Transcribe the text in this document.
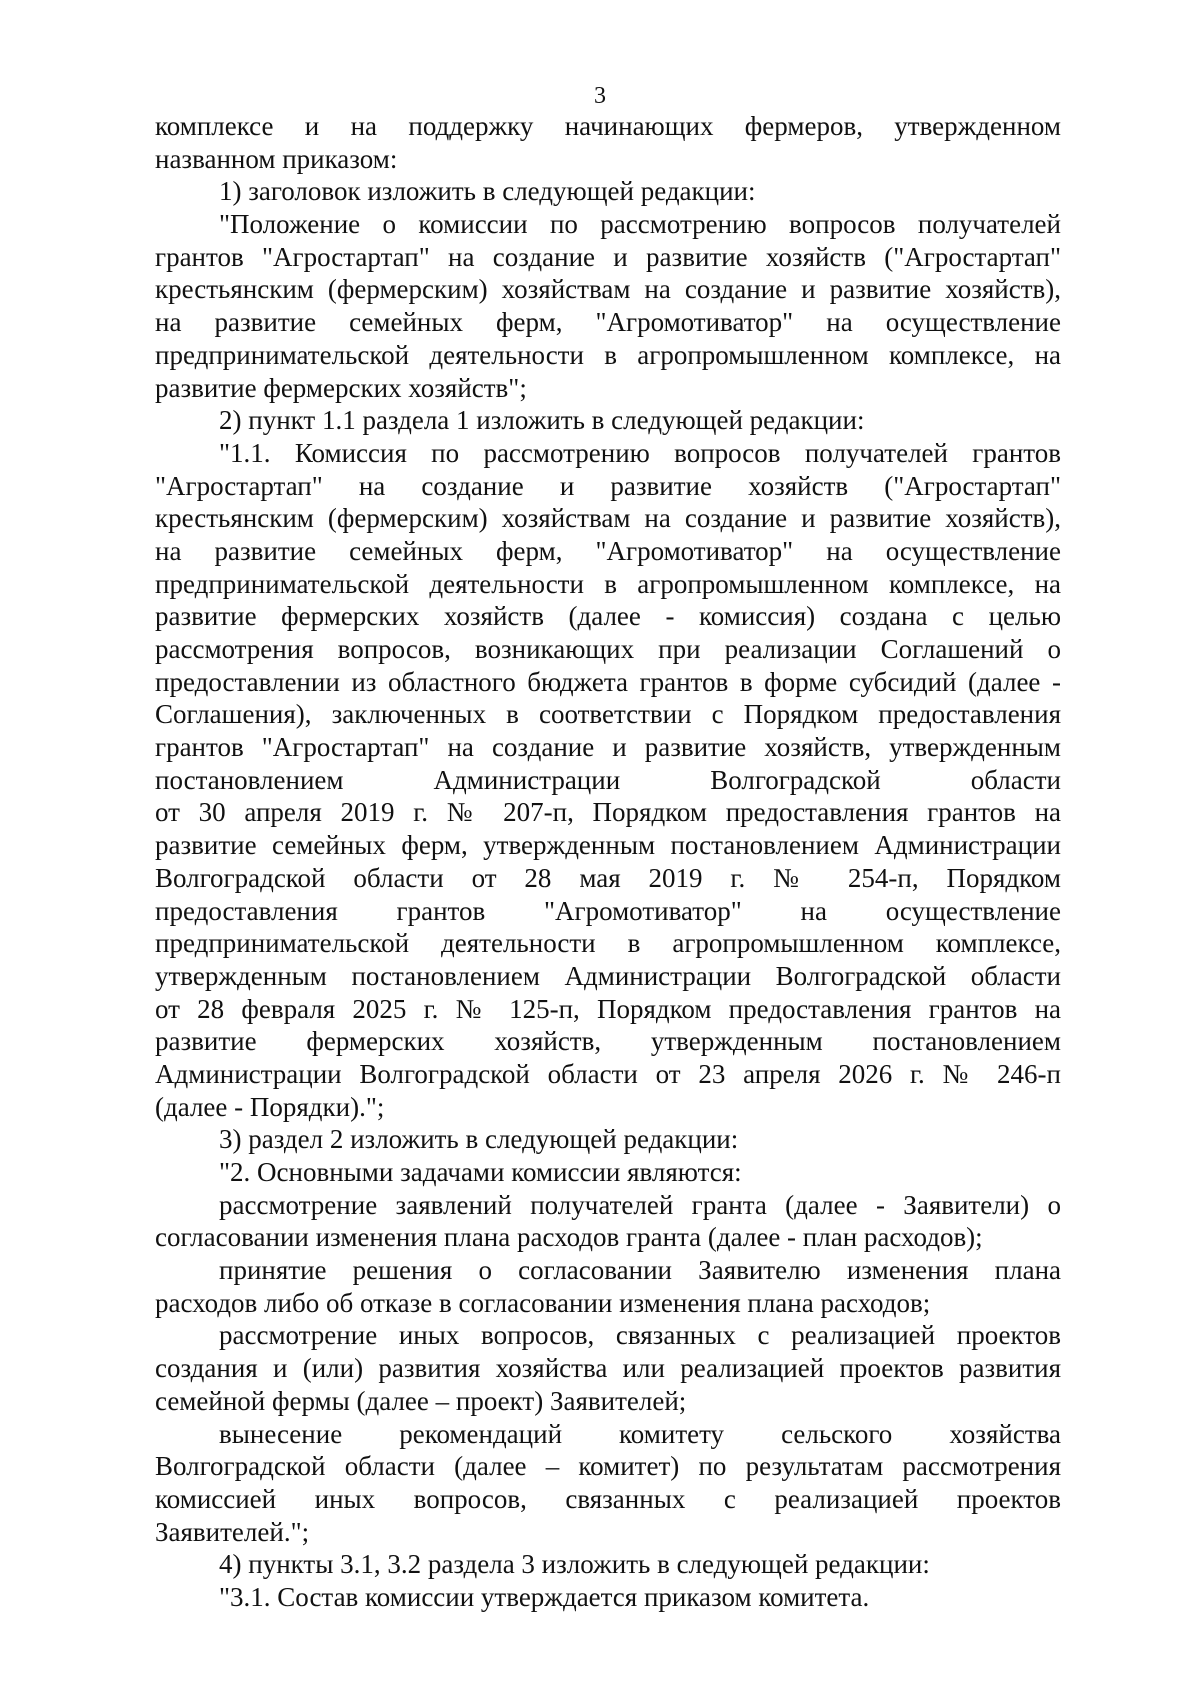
3
комплексе и на поддержку начинающих фермеров, утвержденном
названном приказом:
1) заголовок изложить в следующей редакции:
"Положение о комиссии по рассмотрению вопросов получателей
грантов "Агростартап" на создание и развитие хозяйств ("Агростартап"
крестьянским (фермерским) хозяйствам на создание и развитие хозяйств),
на развитие семейных ферм, "Агромотиватор" на осуществление
предпринимательской деятельности в агропромышленном комплексе, на
развитие фермерских хозяйств";
2) пункт 1.1 раздела 1 изложить в следующей редакции:
"1.1. Комиссия по рассмотрению вопросов получателей грантов
"Агростартап" на создание и развитие хозяйств ("Агростартап"
крестьянским (фермерским) хозяйствам на создание и развитие хозяйств),
на развитие семейных ферм, "Агромотиватор" на осуществление
предпринимательской деятельности в агропромышленном комплексе, на
развитие фермерских хозяйств (далее - комиссия) создана с целью
рассмотрения вопросов, возникающих при реализации Соглашений о
предоставлении из областного бюджета грантов в форме субсидий (далее -
Соглашения), заключенных в соответствии с Порядком предоставления
грантов "Агростартап" на создание и развитие хозяйств, утвержденным
постановлением Администрации Волгоградской области
от 30 апреля 2019 г. № 207-п, Порядком предоставления грантов на
развитие семейных ферм, утвержденным постановлением Администрации
Волгоградской области от 28 мая 2019 г. № 254-п, Порядком
предоставления грантов "Агромотиватор" на осуществление
предпринимательской деятельности в агропромышленном комплексе,
утвержденным постановлением Администрации Волгоградской области
от 28 февраля 2025 г. № 125-п, Порядком предоставления грантов на
развитие фермерских хозяйств, утвержденным постановлением
Администрации Волгоградской области от 23 апреля 2026 г. № 246-п
(далее - Порядки).";
3) раздел 2 изложить в следующей редакции:
"2. Основными задачами комиссии являются:
рассмотрение заявлений получателей гранта (далее - Заявители) о
согласовании изменения плана расходов гранта (далее - план расходов);
принятие решения о согласовании Заявителю изменения плана
расходов либо об отказе в согласовании изменения плана расходов;
рассмотрение иных вопросов, связанных с реализацией проектов
создания и (или) развития хозяйства или реализацией проектов развития
семейной фермы (далее – проект) Заявителей;
вынесение рекомендаций комитету сельского хозяйства
Волгоградской области (далее – комитет) по результатам рассмотрения
комиссией иных вопросов, связанных с реализацией проектов
Заявителей.";
4) пункты 3.1, 3.2 раздела 3 изложить в следующей редакции:
"3.1. Состав комиссии утверждается приказом комитета.
